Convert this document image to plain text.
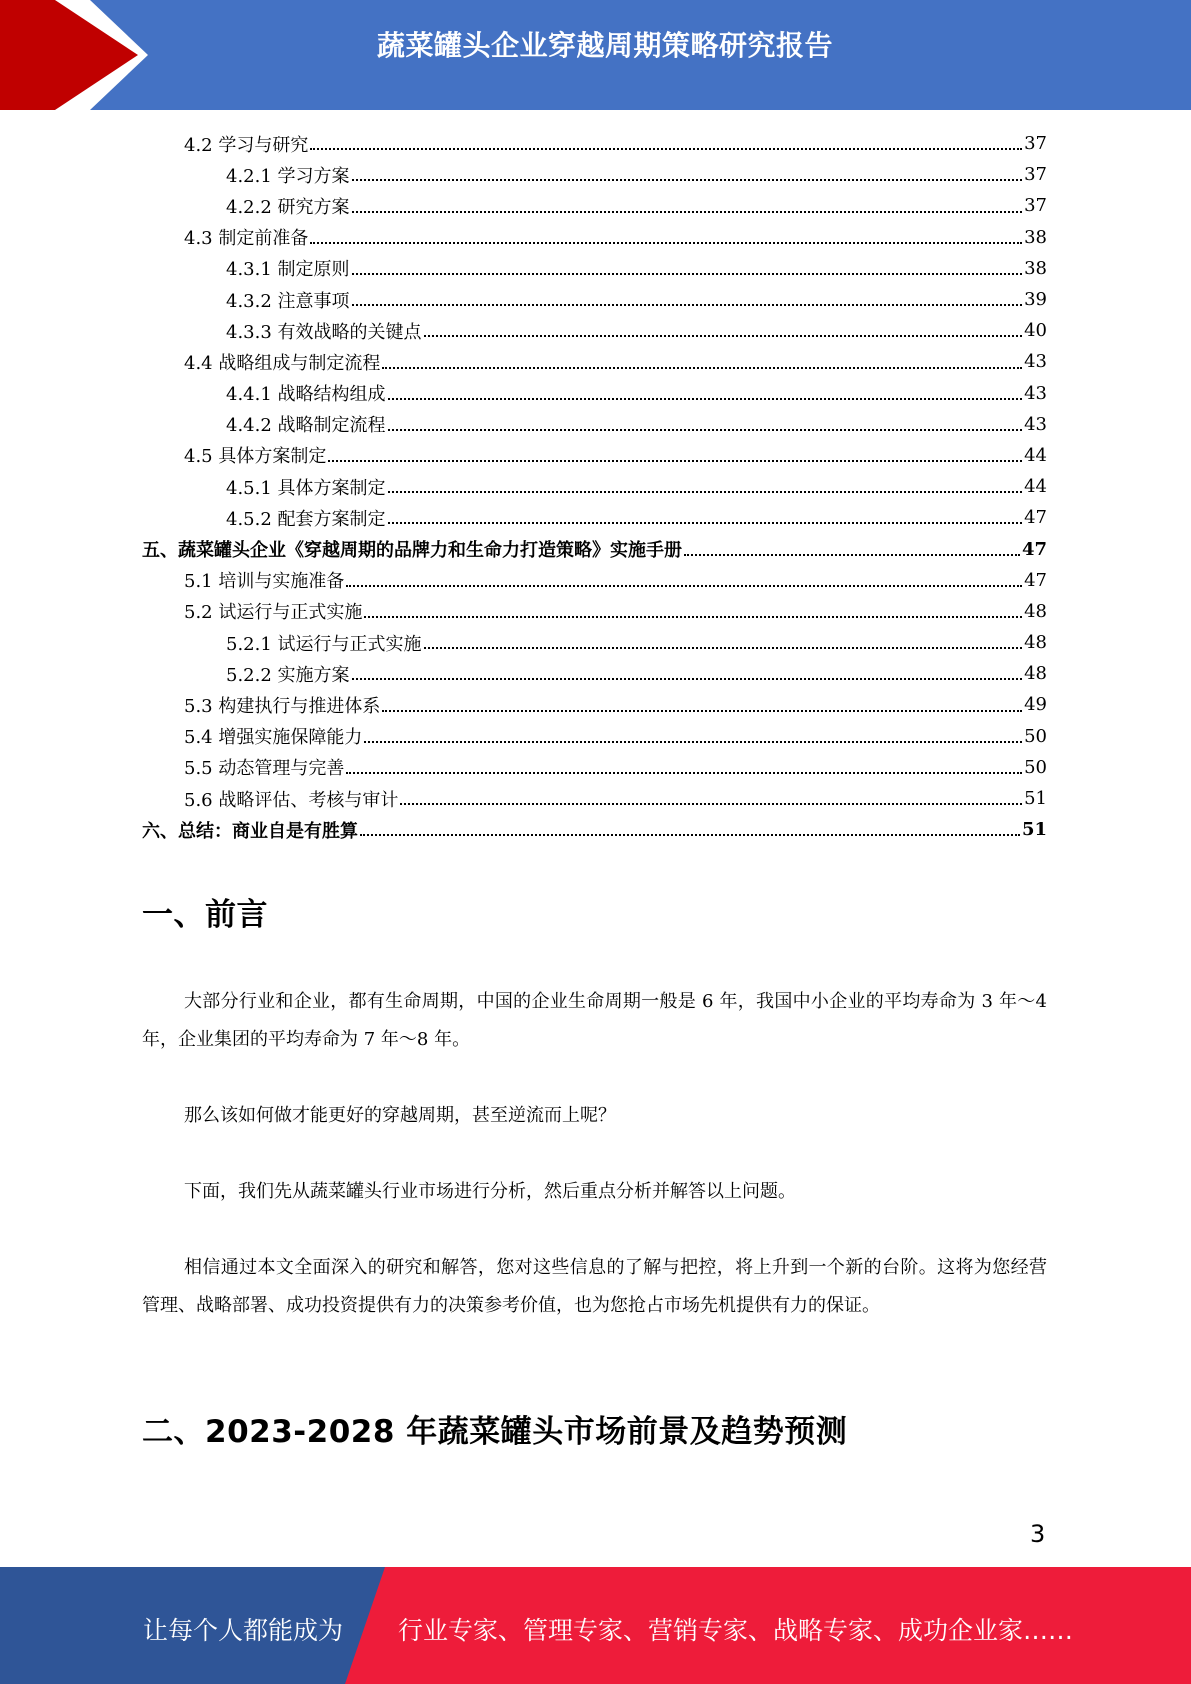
蔬菜罐头企业穿越周期策略研究报告
4.2 学习与研究	37
4.2.1 学习方案	37
4.2.2 研究方案	37
4.3 制定前准备	38
4.3.1 制定原则	38
4.3.2 注意事项	39
4.3.3 有效战略的关键点	40
4.4 战略组成与制定流程	43
4.4.1 战略结构组成	43
4.4.2 战略制定流程	43
4.5 具体方案制定	44
4.5.1 具体方案制定	44
4.5.2 配套方案制定	47
五、蔬菜罐头企业《穿越周期的品牌力和生命力打造策略》实施手册	47
5.1 培训与实施准备	47
5.2 试运行与正式实施	48
5.2.1 试运行与正式实施	48
5.2.2 实施方案	48
5.3 构建执行与推进体系	49
5.4 增强实施保障能力	50
5.5 动态管理与完善	50
5.6 战略评估、考核与审计	51
六、总结：商业自是有胜算	51
一、前言
大部分行业和企业，都有生命周期，中国的企业生命周期一般是 6 年，我国中小企业的平均寿命为 3 年～4 年，企业集团的平均寿命为 7 年～8 年。
那么该如何做才能更好的穿越周期，甚至逆流而上呢？
下面，我们先从蔬菜罐头行业市场进行分析，然后重点分析并解答以上问题。
相信通过本文全面深入的研究和解答，您对这些信息的了解与把控，将上升到一个新的台阶。这将为您经营管理、战略部署、成功投资提供有力的决策参考价值，也为您抢占市场先机提供有力的保证。
二、2023-2028 年蔬菜罐头市场前景及趋势预测
3
让每个人都能成为 行业专家、管理专家、营销专家、战略专家、成功企业家……
